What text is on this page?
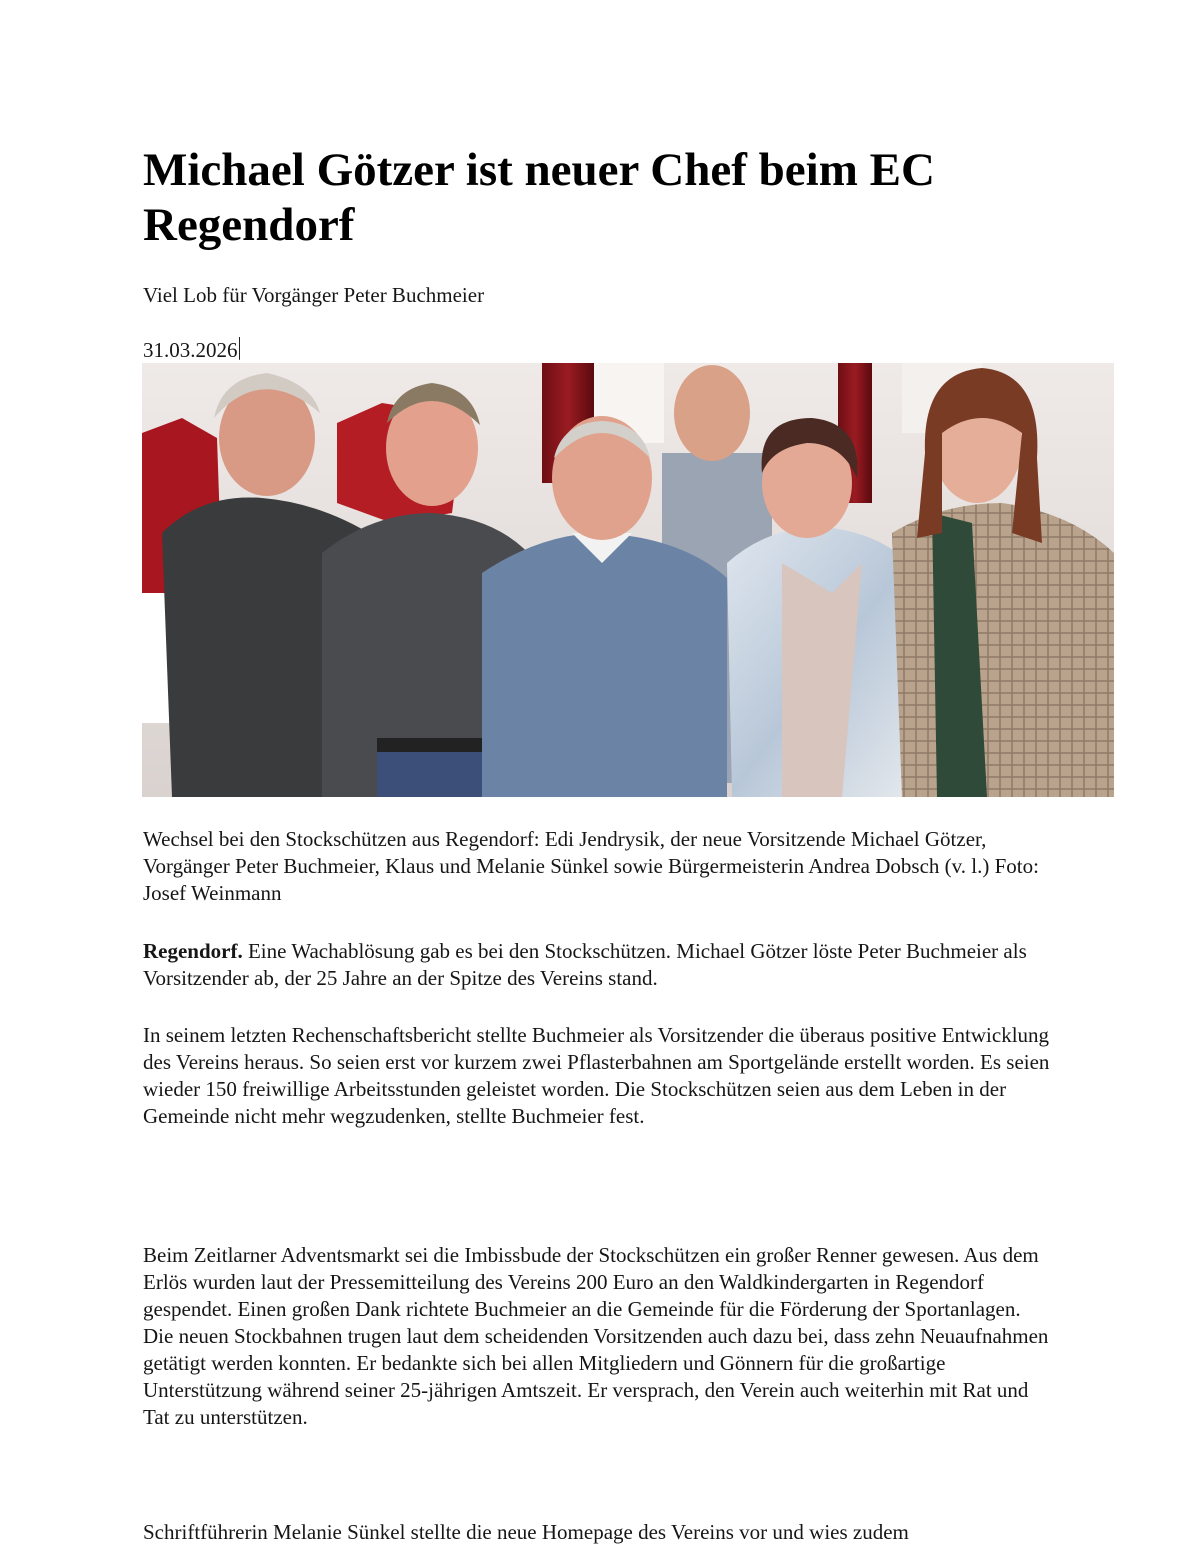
Michael Götzer ist neuer Chef beim EC Regendorf

Viel Lob für Vorgänger Peter Buchmeier

31.03.2026

Wechsel bei den Stockschützen aus Regendorf: Edi Jendrysik, der neue Vorsitzende Michael Götzer, Vorgänger Peter Buchmeier, Klaus und Melanie Sünkel sowie Bürgermeisterin Andrea Dobsch (v. l.) Foto: Josef Weinmann

Regendorf. Eine Wachablösung gab es bei den Stockschützen. Michael Götzer löste Peter Buchmeier als Vorsitzender ab, der 25 Jahre an der Spitze des Vereins stand.

In seinem letzten Rechenschaftsbericht stellte Buchmeier als Vorsitzender die überaus positive Entwicklung des Vereins heraus. So seien erst vor kurzem zwei Pflasterbahnen am Sportgelände erstellt worden. Es seien wieder 150 freiwillige Arbeitsstunden geleistet worden. Die Stockschützen seien aus dem Leben in der Gemeinde nicht mehr wegzudenken, stellte Buchmeier fest.

Beim Zeitlarner Adventsmarkt sei die Imbissbude der Stockschützen ein großer Renner gewesen. Aus dem Erlös wurden laut der Pressemitteilung des Vereins 200 Euro an den Waldkindergarten in Regendorf gespendet. Einen großen Dank richtete Buchmeier an die Gemeinde für die Förderung der Sportanlagen. Die neuen Stockbahnen trugen laut dem scheidenden Vorsitzenden auch dazu bei, dass zehn Neuaufnahmen getätigt werden konnten. Er bedankte sich bei allen Mitgliedern und Gönnern für die großartige Unterstützung während seiner 25-jährigen Amtszeit. Er versprach, den Verein auch weiterhin mit Rat und Tat zu unterstützen.

Schriftführerin Melanie Sünkel stellte die neue Homepage des Vereins vor und wies zudem
